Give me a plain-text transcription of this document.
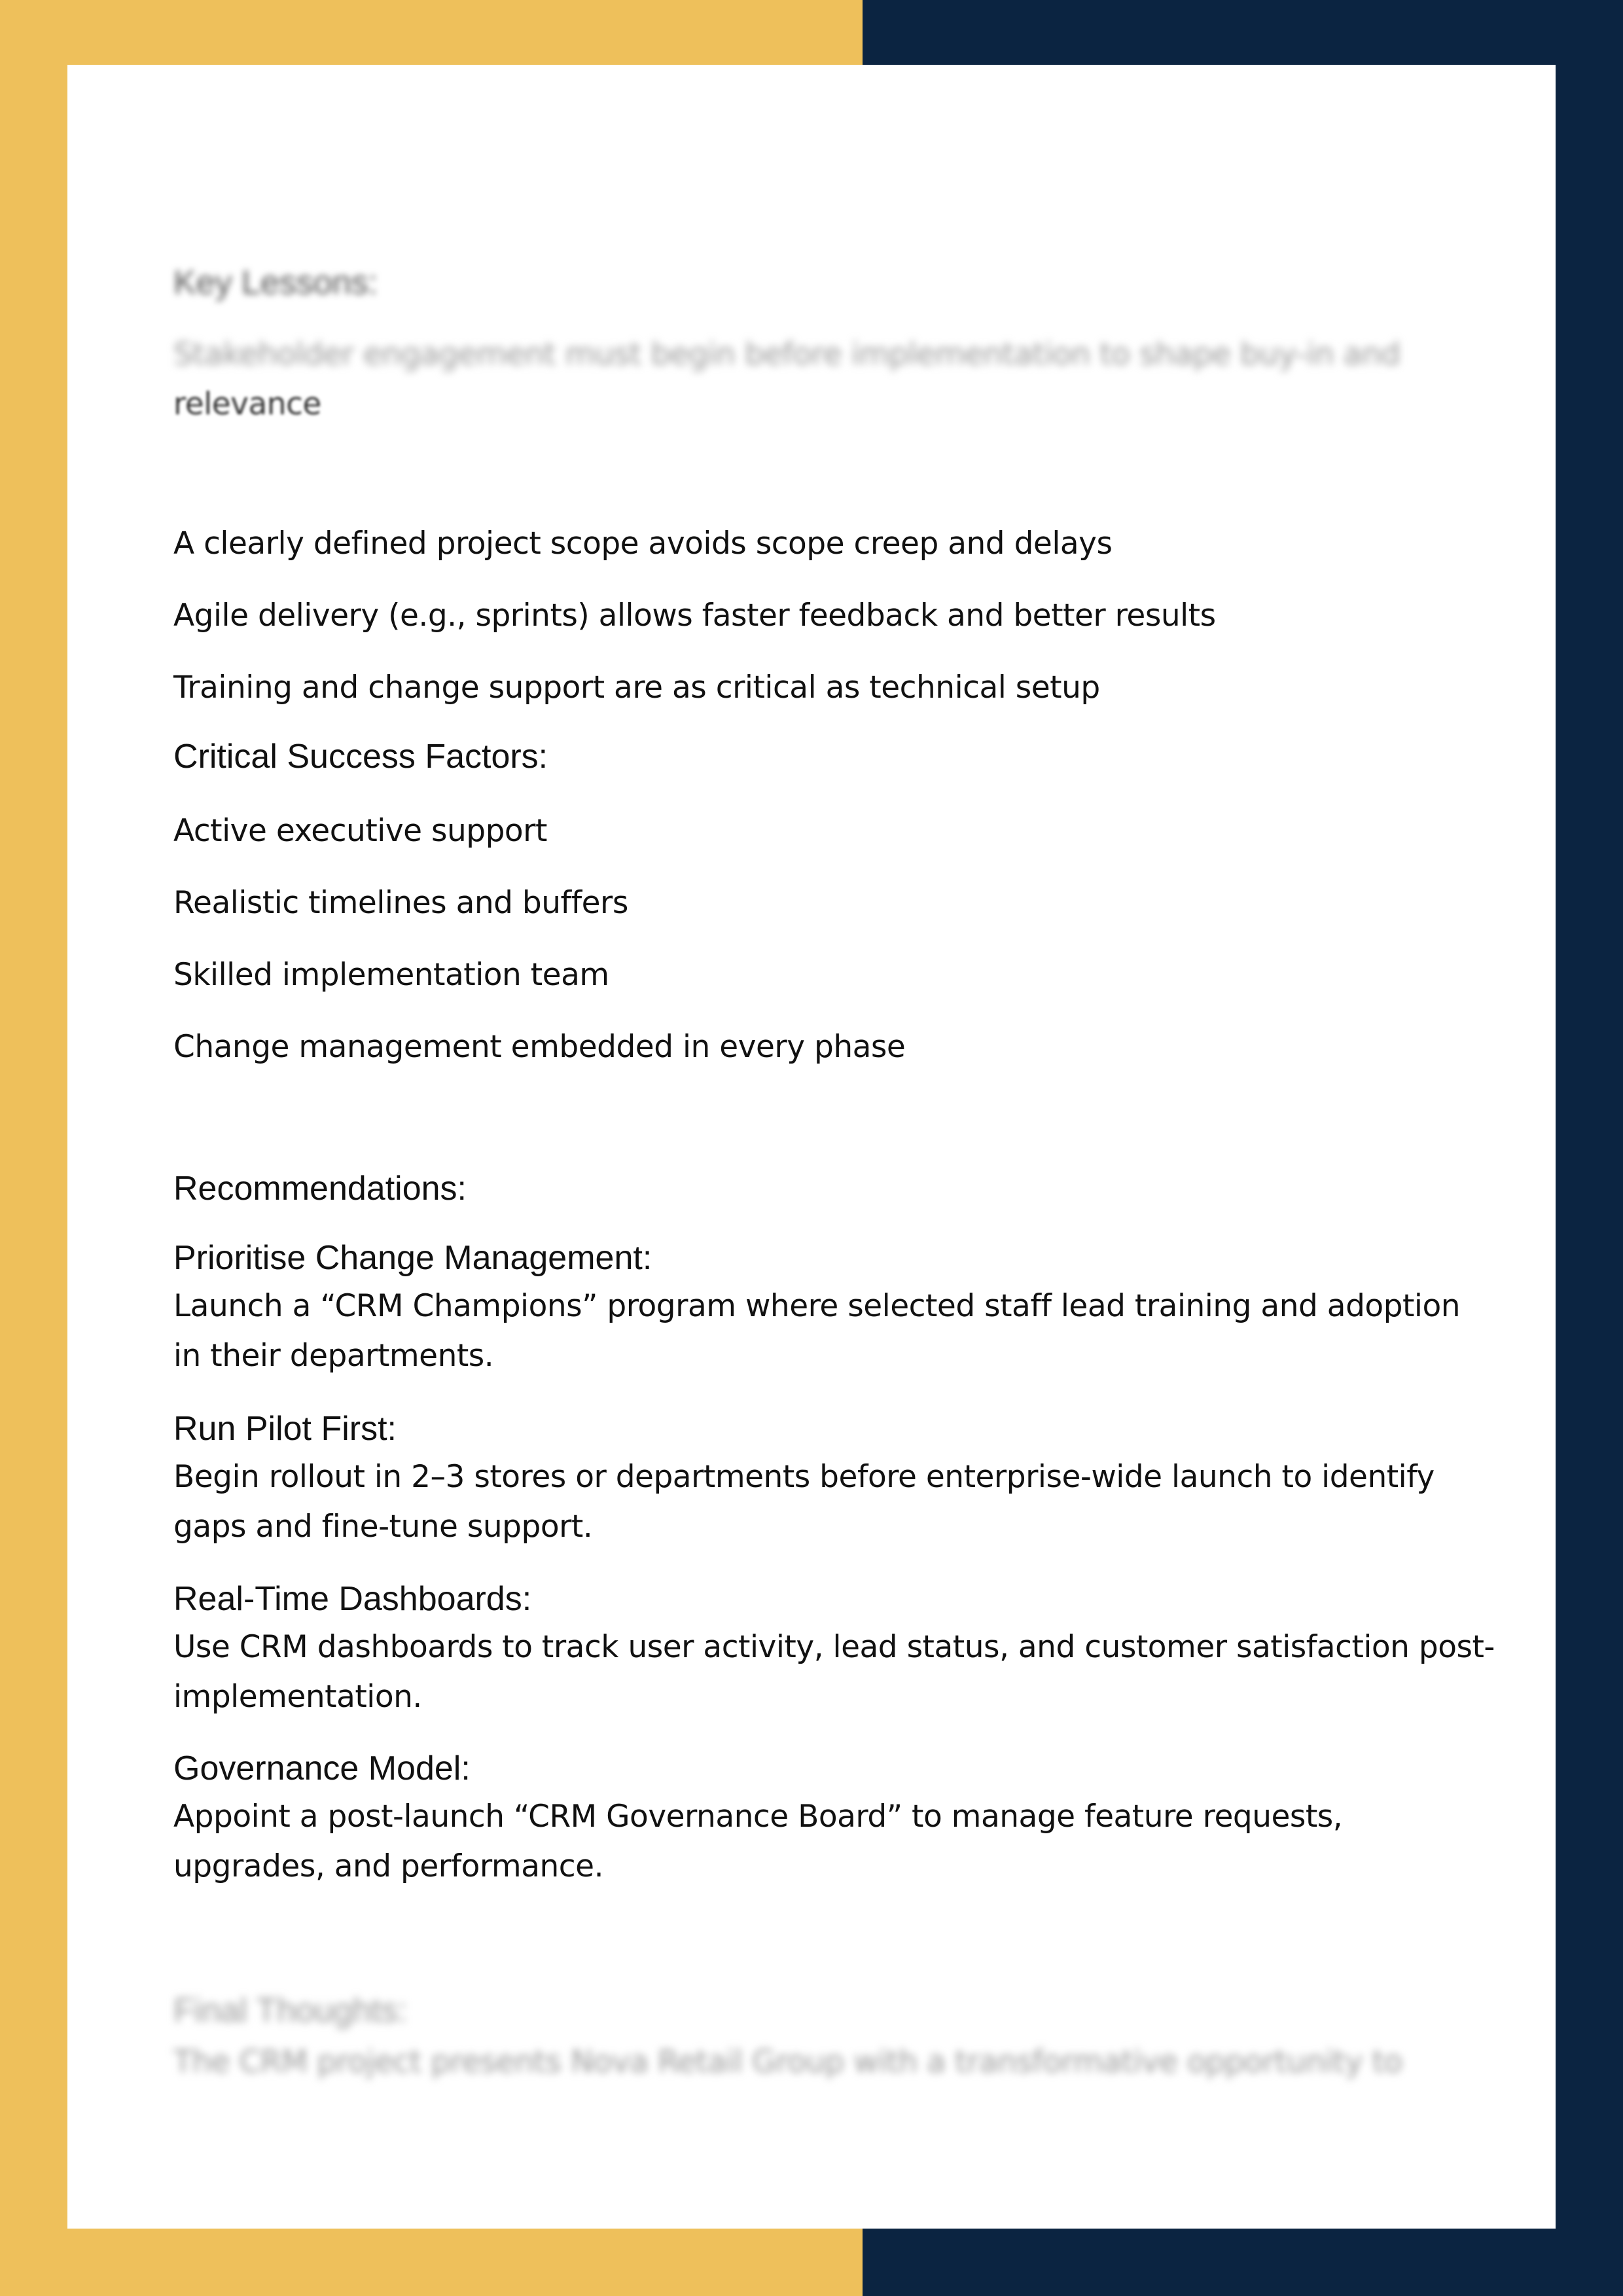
Key Lessons:
Stakeholder engagement must begin before implementation to shape buy-in and
relevance
A clearly defined project scope avoids scope creep and delays
Agile delivery (e.g., sprints) allows faster feedback and better results
Training and change support are as critical as technical setup
Critical Success Factors:
Active executive support
Realistic timelines and buffers
Skilled implementation team
Change management embedded in every phase
Recommendations:
Prioritise Change Management:
Launch a “CRM Champions” program where selected staff lead training and adoption in their departments.
Run Pilot First:
Begin rollout in 2–3 stores or departments before enterprise-wide launch to identify gaps and fine-tune support.
Real-Time Dashboards:
Use CRM dashboards to track user activity, lead status, and customer satisfaction post-implementation.
Governance Model:
Appoint a post-launch “CRM Governance Board” to manage feature requests, upgrades, and performance.
Final Thoughts:
The CRM project presents Nova Retail Group with a transformative opportunity to
